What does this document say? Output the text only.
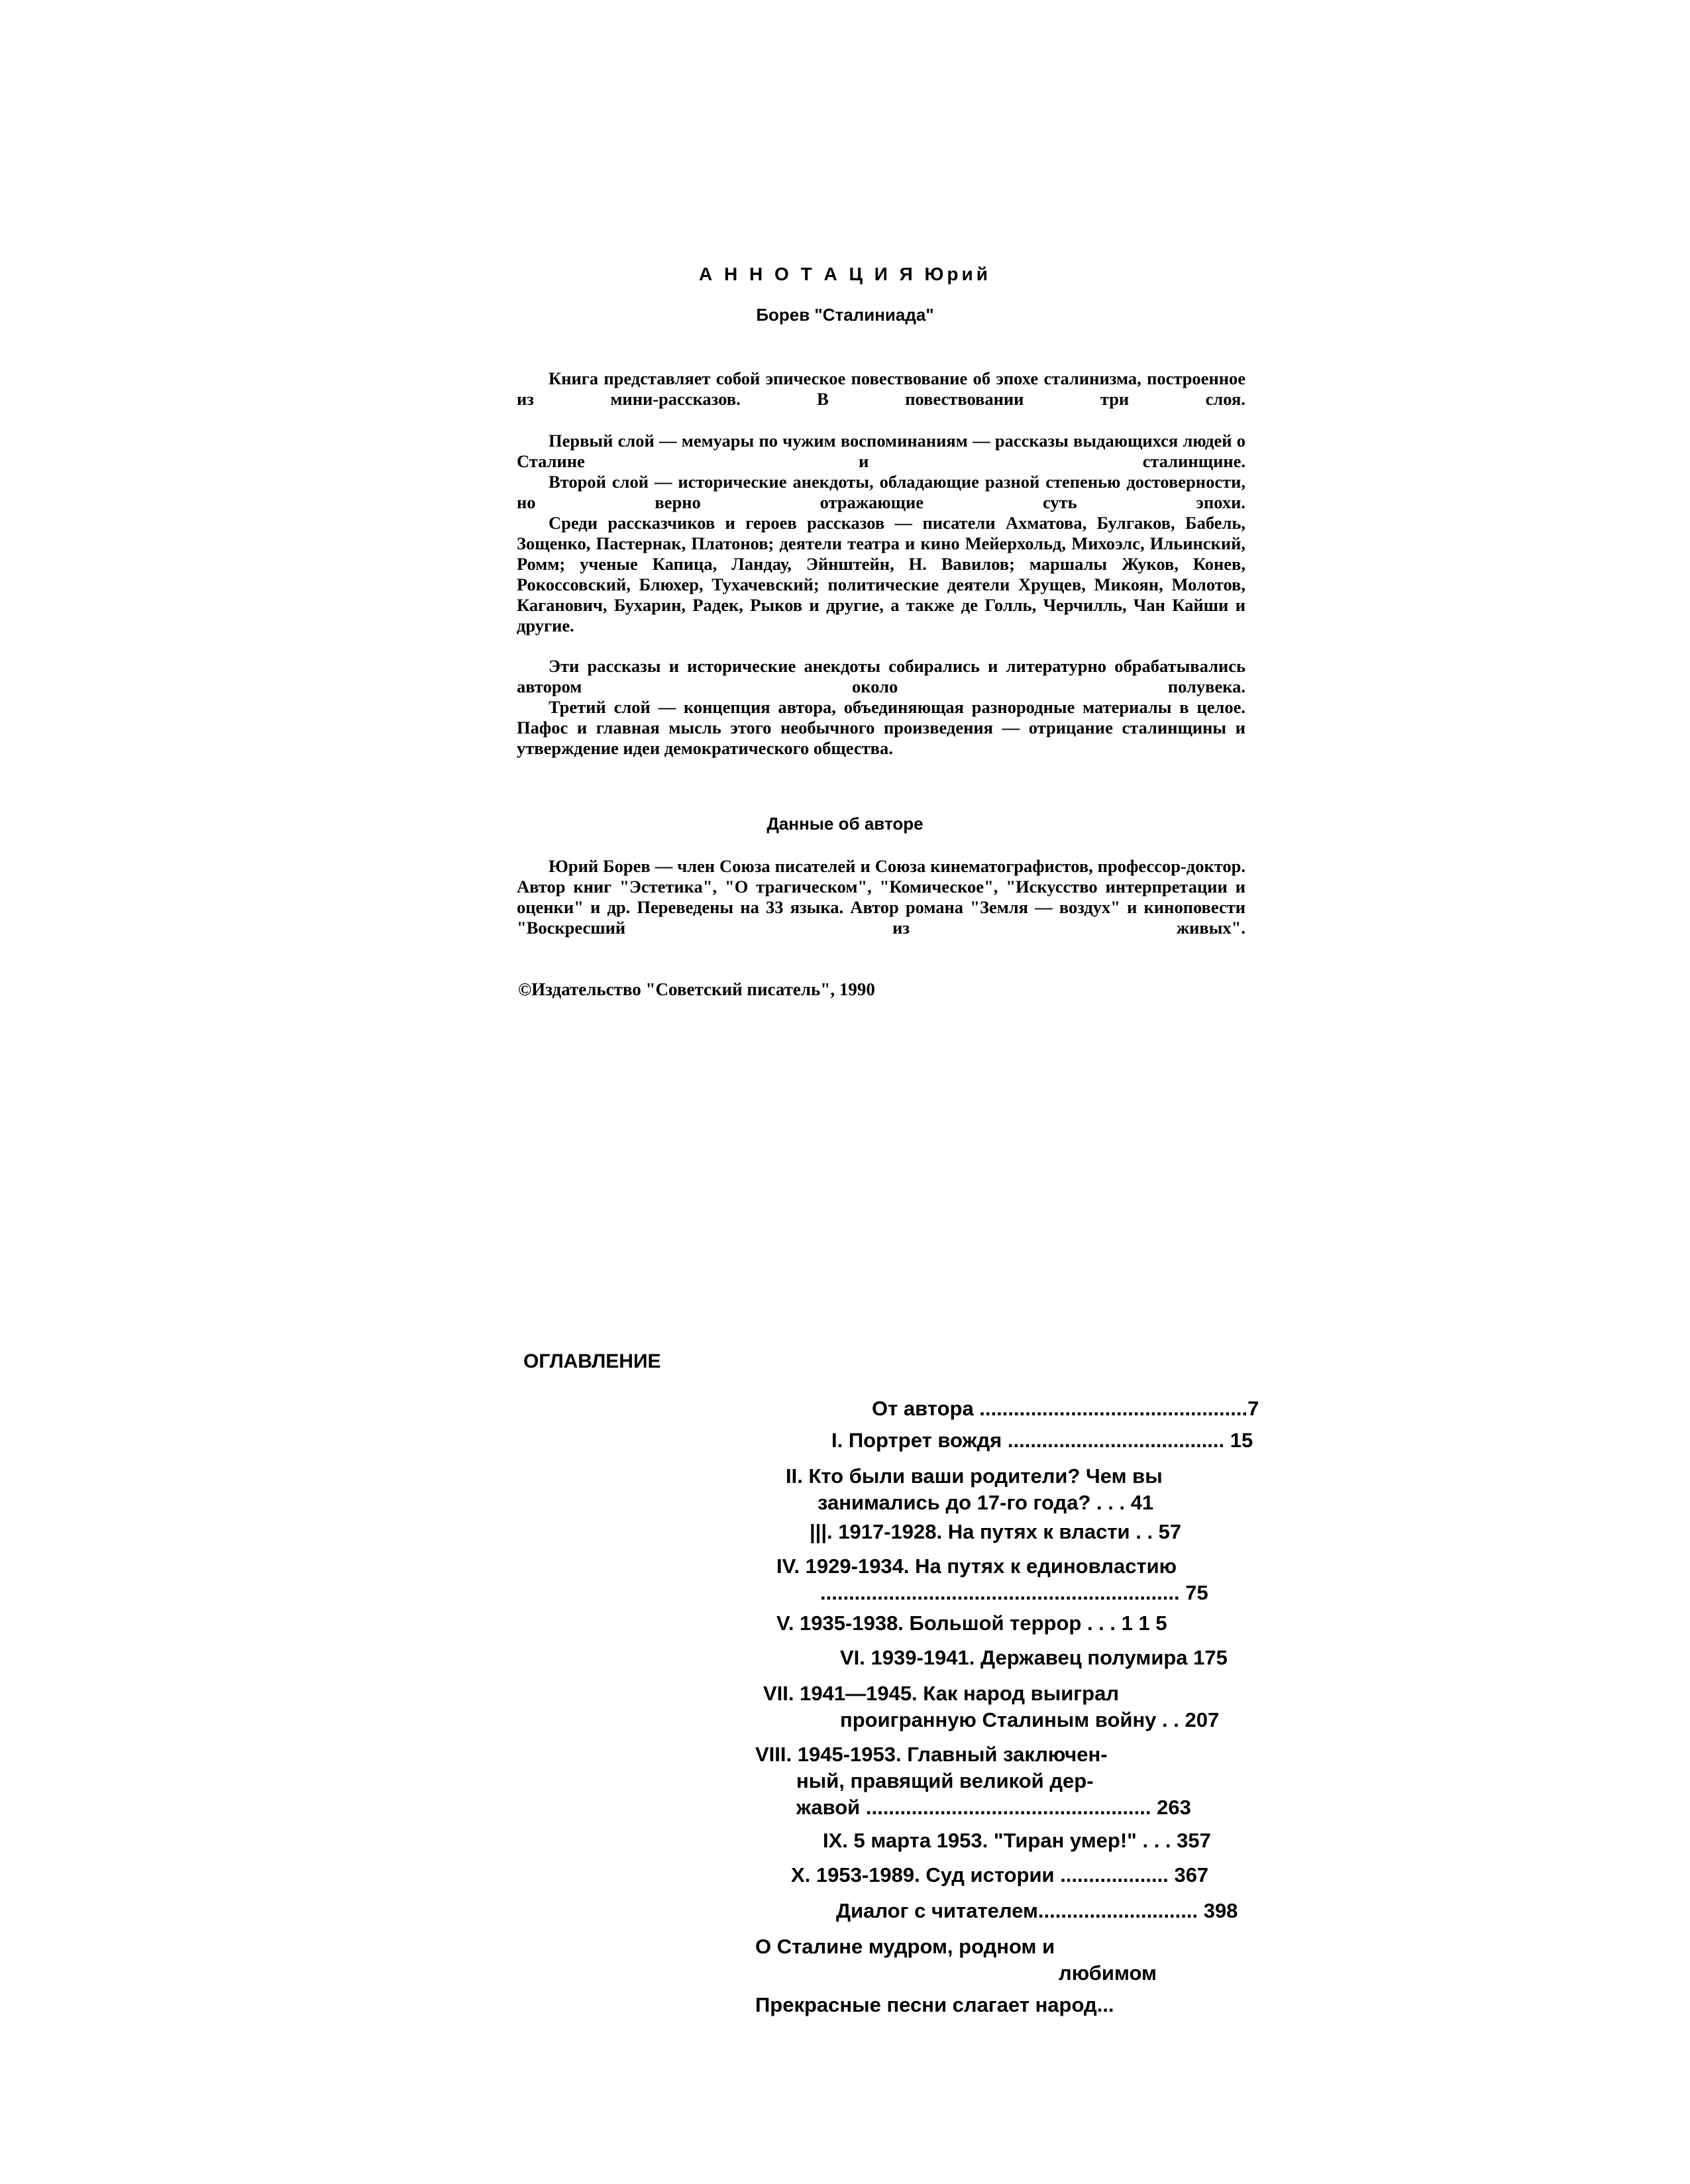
А Н Н О Т А Ц И Я Юрий
Борев "Сталиниада"
Книга представляет собой эпическое повествование об эпохе сталинизма, построенное из мини-рассказов. В повествовании три слоя.
Первый слой — мемуары по чужим воспоминаниям — рассказы выдающихся людей о Сталине и сталинщине.
Второй слой — исторические анекдоты, обладающие разной степенью достоверности, но верно отражающие суть эпохи.
Среди рассказчиков и героев рассказов — писатели Ахматова, Булгаков, Бабель, Зощенко, Пастернак, Платонов; деятели театра и кино Мейерхольд, Михоэлс, Ильинский, Ромм; ученые Капица, Ландау, Эйнштейн, Н. Вавилов; маршалы Жуков, Конев, Рокоссовский, Блюхер, Тухачевский; политические деятели Хрущев, Микоян, Молотов, Каганович, Бухарин, Радек, Рыков и другие, а также де Голль, Черчилль, Чан Кайши и другие.
Эти рассказы и исторические анекдоты собирались и литературно обрабатывались автором около полувека.
Третий слой — концепция автора, объединяющая разнородные материалы в целое. Пафос и главная мысль этого необычного произведения — отрицание сталинщины и утверждение идеи демократического общества.
Данные об авторе
Юрий Борев — член Союза писателей и Союза кинематографистов, профессор-доктор. Автор книг "Эстетика", "О трагическом", "Комическое", "Искусство интерпретации и оценки" и др. Переведены на 33 языка. Автор романа "Земля — воздух" и киноповести "Воскресший из живых".
©Издательство "Советский писатель", 1990
ОГЛАВЛЕНИЕ
От автора ...............................................7
I. Портрет вождя ...................................... 15
II. Кто были ваши родители? Чем вы
занимались до 17-го года? . . . 41
|||. 1917-1928. На путях к власти . . 57
IV. 1929-1934. На путях к единовластию
............................................................... 75
V. 1935-1938. Большой террор . . . 1 1 5
VI. 1939-1941. Державец полумира 175
VII. 1941—1945. Как народ выиграл
проигранную Сталиным войну . . 207
VIII. 1945-1953. Главный заключен-
ный, правящий великой дер-
жавой .................................................. 263
IX. 5 марта 1953. "Тиран умер!" . . . 357
X. 1953-1989. Суд истории ................... 367
Диалог с читателем............................ 398
О Сталине мудром, родном и
любимом
Прекрасные песни слагает народ...
